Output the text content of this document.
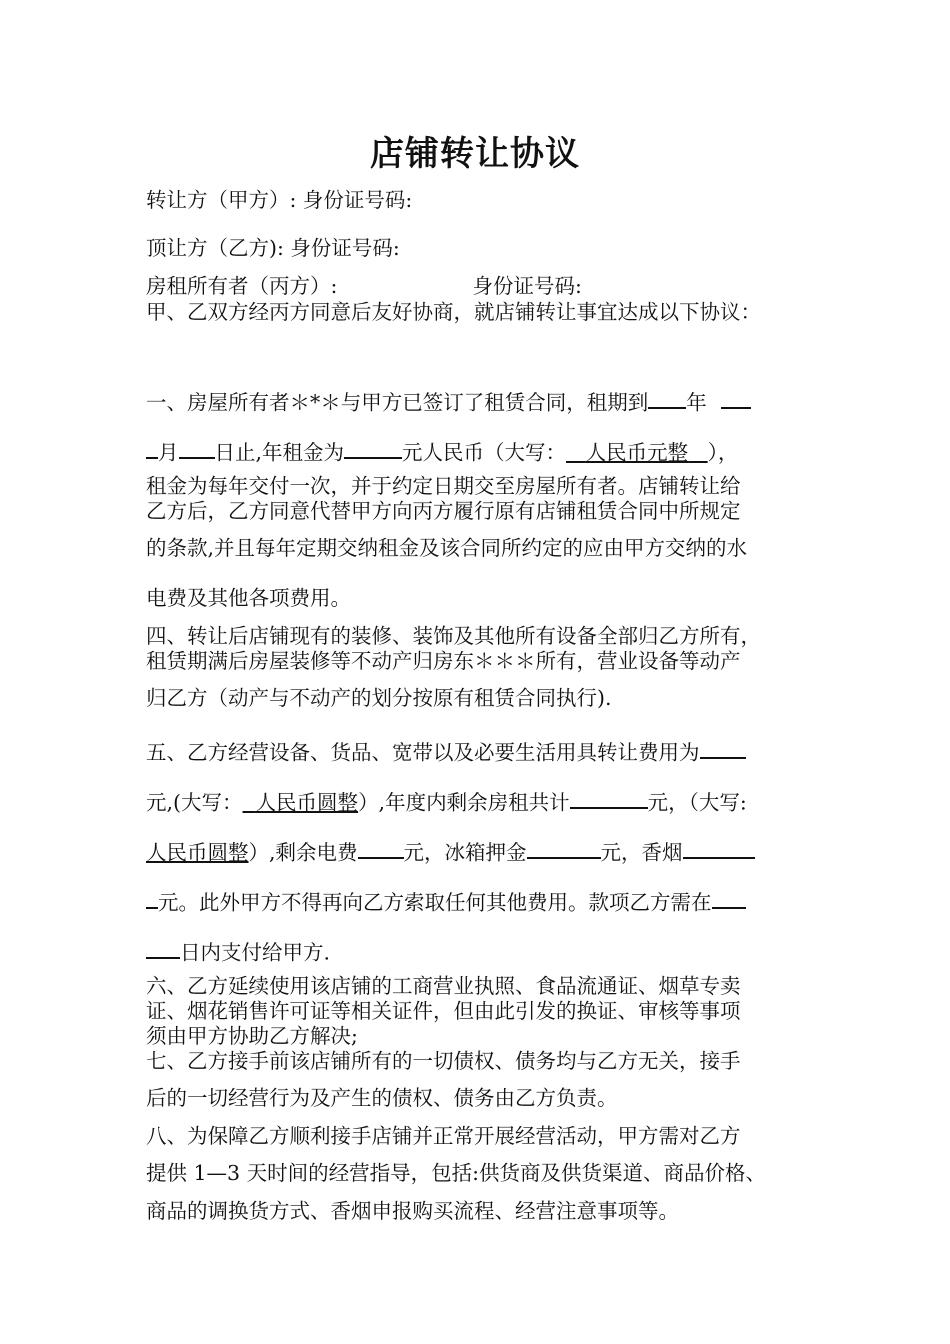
店铺转让协议
转让方（甲方）: 身份证号码:
顶让方（乙方): 身份证号码:
房租所有者（丙方）:	身份证号码:
甲、乙双方经丙方同意后友好协商，就店铺转让事宜达成以下协议：
一、房屋所有者＊*＊与甲方已签订了租赁合同，租期到 年
月 日止,年租金为	元人民币（大写： 人民币元整 ），
租金为每年交付一次，并于约定日期交至房屋所有者。店铺转让给
乙方后，乙方同意代替甲方向丙方履行原有店铺租赁合同中所规定
的条款,并且每年定期交纳租金及该合同所约定的应由甲方交纳的水
电费及其他各项费用。
四、转让后店铺现有的装修、装饰及其他所有设备全部归乙方所有，
租赁期满后房屋装修等不动产归房东＊＊＊所有，营业设备等动产
归乙方（动产与不动产的划分按原有租赁合同执行).
五、乙方经营设备、货品、宽带以及必要生活用具转让费用为
元,(大写： 人民币圆整）,年度内剩余房租共计	元，（大写:
人民币圆整）,剩余电费 元，冰箱押金	元，香烟
元。此外甲方不得再向乙方索取任何其他费用。款项乙方需在
日内支付给甲方.
六、乙方延续使用该店铺的工商营业执照、食品流通证、烟草专卖
证、烟花销售许可证等相关证件，但由此引发的换证、审核等事项
须由甲方协助乙方解决;
七、乙方接手前该店铺所有的一切债权、债务均与乙方无关，接手
后的一切经营行为及产生的债权、债务由乙方负责。
八、为保障乙方顺利接手店铺并正常开展经营活动，甲方需对乙方
提供 1—3 天时间的经营指导，包括:供货商及供货渠道、商品价格、
商品的调换货方式、香烟申报购买流程、经营注意事项等。
